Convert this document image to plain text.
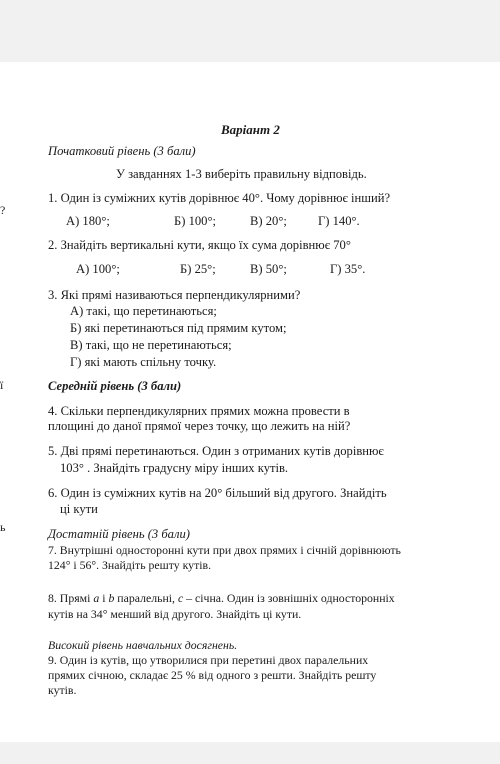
?
ї
ь
Варіант 2
Початковий рівень (3 бали)
У завданнях 1-3 виберіть правильну відповідь.
1. Один із суміжних кутів дорівнює 40°. Чому дорівнює інший?
А) 180°;	Б) 100°;	В) 20°; Г) 140°.
2. Знайдіть вертикальні кути, якщо їх сума дорівнює 70°
А) 100°;	Б) 25°;	В) 50°;	Г) 35°.
3. Які прямі називаються перпендикулярними?
А) такі, що перетинаються;
Б) які перетинаються під прямим кутом;
В) такі, що не перетинаються;
Г) які мають спільну точку.
Середній рівень (3 бали)
4. Скільки перпендикулярних прямих можна провести в
площині до даної прямої через точку, що лежить на ній?
5. Дві прямі перетинаються. Один з отриманих кутів дорівнює
103° . Знайдіть градусну міру інших кутів.
6. Один із суміжних кутів на 20° більший від другого. Знайдіть
ці кути
Достатній рівень (3 бали)
7. Внутрішні односторонні кути при двох прямих і січній дорівнюють
124° і 56°. Знайдіть решту кутів.
8. Прямі a і b паралельні, c – січна. Один із зовнішніх односторонніх
кутів на 34° менший від другого. Знайдіть ці кути.
Високий рівень навчальних досягнень.
9. Один із кутів, що утворилися при перетині двох паралельних
прямих січною, складає 25 % від одного з решти. Знайдіть решту
кутів.
